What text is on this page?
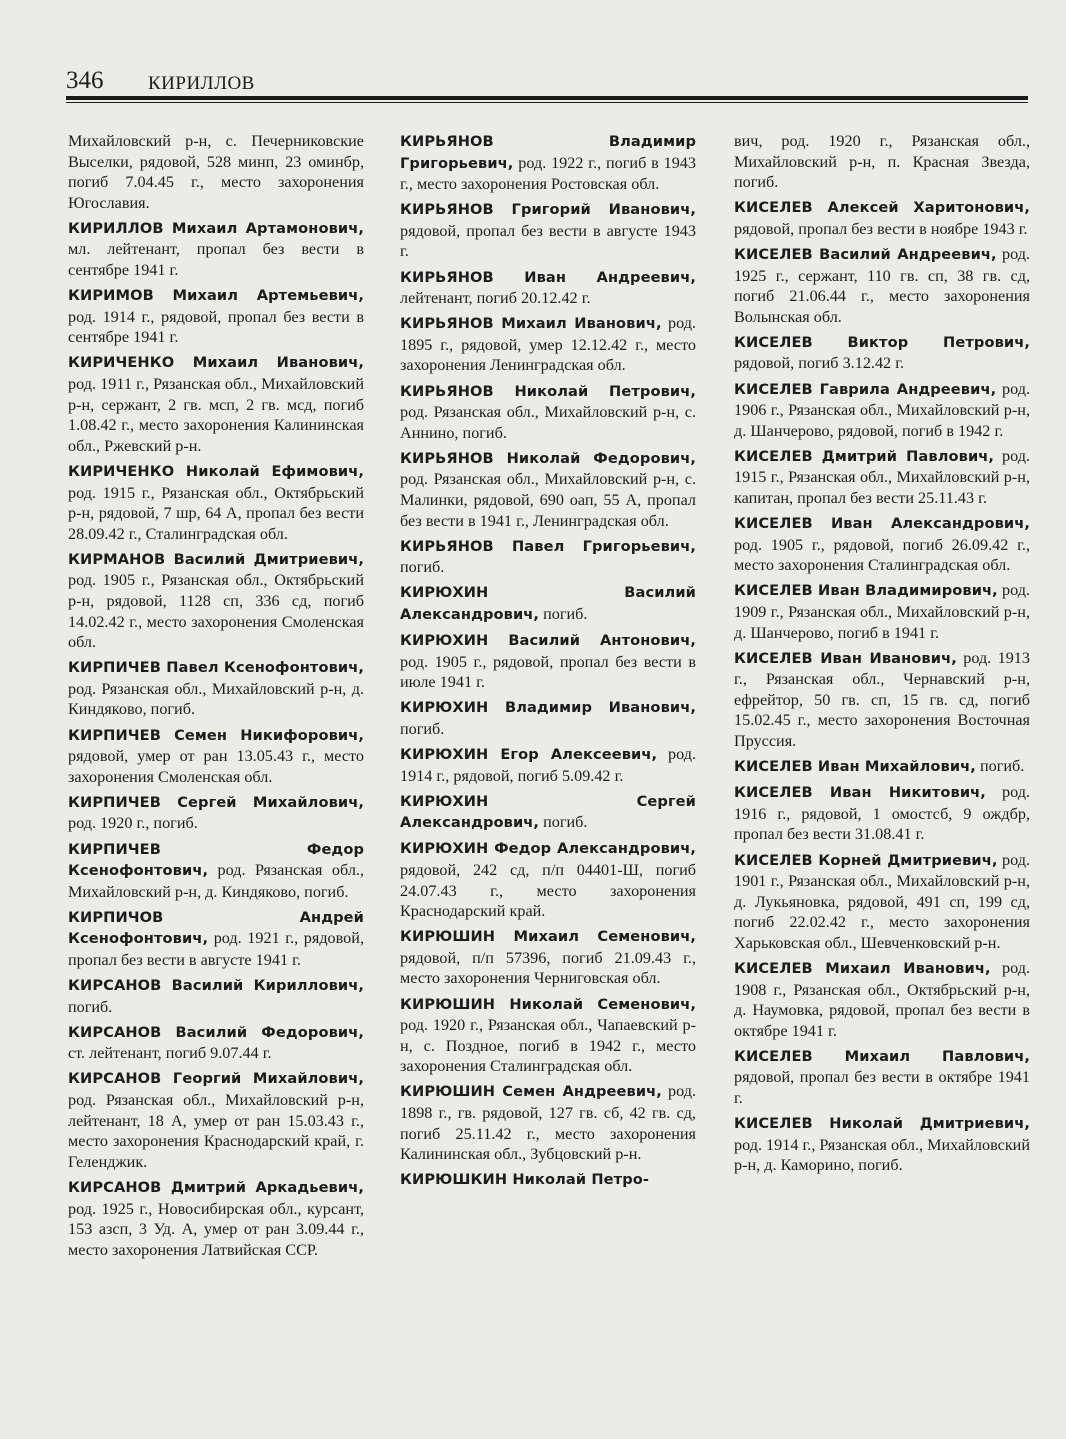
346 КИРИЛЛОВ

Михайловский р-н, с. Печерниковские Выселки, рядовой, 528 минп, 23 оминбр, погиб 7.04.45 г., место захоронения Югославия.

КИРИЛЛОВ Михаил Артамонович, мл. лейтенант, пропал без вести в сентябре 1941 г.

КИРИМОВ Михаил Артемьевич, род. 1914 г., рядовой, пропал без вести в сентябре 1941 г.

КИРИЧЕНКО Михаил Иванович, род. 1911 г., Рязанская обл., Михайловский р-н, сержант, 2 гв. мсп, 2 гв. мсд, погиб 1.08.42 г., место захоронения Калининская обл., Ржевский р-н.

КИРИЧЕНКО Николай Ефимович, род. 1915 г., Рязанская обл., Октябрьский р-н, рядовой, 7 шр, 64 А, пропал без вести 28.09.42 г., Сталинградская обл.

КИРМАНОВ Василий Дмитриевич, род. 1905 г., Рязанская обл., Октябрьский р-н, рядовой, 1128 сп, 336 сд, погиб 14.02.42 г., место захоронения Смоленская обл.

КИРПИЧЕВ Павел Ксенофонтович, род. Рязанская обл., Михайловский р-н, д. Киндяково, погиб.

КИРПИЧЕВ Семен Никифорович, рядовой, умер от ран 13.05.43 г., место захоронения Смоленская обл.

КИРПИЧЕВ Сергей Михайлович, род. 1920 г., погиб.

КИРПИЧЕВ Федор Ксенофонтович, род. Рязанская обл., Михайловский р-н, д. Киндяково, погиб.

КИРПИЧОВ Андрей Ксенофонтович, род. 1921 г., рядовой, пропал без вести в августе 1941 г.

КИРСАНОВ Василий Кириллович, погиб.

КИРСАНОВ Василий Федорович, ст. лейтенант, погиб 9.07.44 г.

КИРСАНОВ Георгий Михайлович, род. Рязанская обл., Михайловский р-н, лейтенант, 18 А, умер от ран 15.03.43 г., место захоронения Краснодарский край, г. Геленджик.

КИРСАНОВ Дмитрий Аркадьевич, род. 1925 г., Новосибирская обл., курсант, 153 азсп, 3 Уд. А, умер от ран 3.09.44 г., место захоронения Латвийская ССР.

КИРЬЯНОВ Владимир Григорьевич, род. 1922 г., погиб в 1943 г., место захоронения Ростовская обл.

КИРЬЯНОВ Григорий Иванович, рядовой, пропал без вести в августе 1943 г.

КИРЬЯНОВ Иван Андреевич, лейтенант, погиб 20.12.42 г.

КИРЬЯНОВ Михаил Иванович, род. 1895 г., рядовой, умер 12.12.42 г., место захоронения Ленинградская обл.

КИРЬЯНОВ Николай Петрович, род. Рязанская обл., Михайловский р-н, с. Аннино, погиб.

КИРЬЯНОВ Николай Федорович, род. Рязанская обл., Михайловский р-н, с. Малинки, рядовой, 690 оап, 55 А, пропал без вести в 1941 г., Ленинградская обл.

КИРЬЯНОВ Павел Григорьевич, погиб.

КИРЮХИН Василий Александрович, погиб.

КИРЮХИН Василий Антонович, род. 1905 г., рядовой, пропал без вести в июле 1941 г.

КИРЮХИН Владимир Иванович, погиб.

КИРЮХИН Егор Алексеевич, род. 1914 г., рядовой, погиб 5.09.42 г.

КИРЮХИН Сергей Александрович, погиб.

КИРЮХИН Федор Александрович, рядовой, 242 сд, п/п 04401-Ш, погиб 24.07.43 г., место захоронения Краснодарский край.

КИРЮШИН Михаил Семенович, рядовой, п/п 57396, погиб 21.09.43 г., место захоронения Черниговская обл.

КИРЮШИН Николай Семенович, род. 1920 г., Рязанская обл., Чапаевский р-н, с. Поздное, погиб в 1942 г., место захоронения Сталинградская обл.

КИРЮШИН Семен Андреевич, род. 1898 г., гв. рядовой, 127 гв. сб, 42 гв. сд, погиб 25.11.42 г., место захоронения Калининская обл., Зубцовский р-н.

КИРЮШКИН Николай Петро-

вич, род. 1920 г., Рязанская обл., Михайловский р-н, п. Красная Звезда, погиб.

КИСЕЛЕВ Алексей Харитонович, рядовой, пропал без вести в ноябре 1943 г.

КИСЕЛЕВ Василий Андреевич, род. 1925 г., сержант, 110 гв. сп, 38 гв. сд, погиб 21.06.44 г., место захоронения Волынская обл.

КИСЕЛЕВ Виктор Петрович, рядовой, погиб 3.12.42 г.

КИСЕЛЕВ Гаврила Андреевич, род. 1906 г., Рязанская обл., Михайловский р-н, д. Шанчерово, рядовой, погиб в 1942 г.

КИСЕЛЕВ Дмитрий Павлович, род. 1915 г., Рязанская обл., Михайловский р-н, капитан, пропал без вести 25.11.43 г.

КИСЕЛЕВ Иван Александрович, род. 1905 г., рядовой, погиб 26.09.42 г., место захоронения Сталинградская обл.

КИСЕЛЕВ Иван Владимирович, род. 1909 г., Рязанская обл., Михайловский р-н, д. Шанчерово, погиб в 1941 г.

КИСЕЛЕВ Иван Иванович, род. 1913 г., Рязанская обл., Чернавский р-н, ефрейтор, 50 гв. сп, 15 гв. сд, погиб 15.02.45 г., место захоронения Восточная Пруссия.

КИСЕЛЕВ Иван Михайлович, погиб.

КИСЕЛЕВ Иван Никитович, род. 1916 г., рядовой, 1 омостсб, 9 ождбр, пропал без вести 31.08.41 г.

КИСЕЛЕВ Корней Дмитриевич, род. 1901 г., Рязанская обл., Михайловский р-н, д. Лукьяновка, рядовой, 491 сп, 199 сд, погиб 22.02.42 г., место захоронения Харьковская обл., Шевченковский р-н.

КИСЕЛЕВ Михаил Иванович, род. 1908 г., Рязанская обл., Октябрьский р-н, д. Наумовка, рядовой, пропал без вести в октябре 1941 г.

КИСЕЛЕВ Михаил Павлович, рядовой, пропал без вести в октябре 1941 г.

КИСЕЛЕВ Николай Дмитриевич, род. 1914 г., Рязанская обл., Михайловский р-н, д. Каморино, погиб.
